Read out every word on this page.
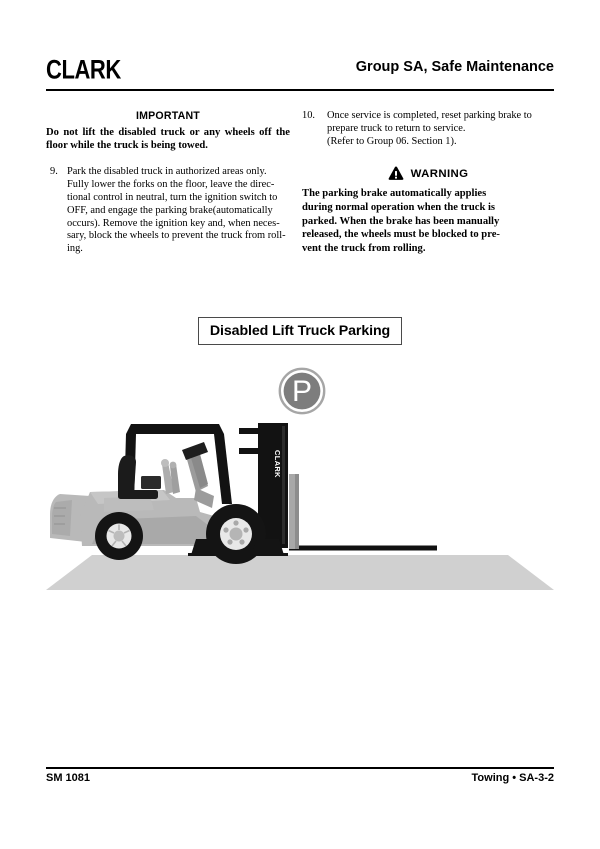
CLARK	Group SA, Safe Maintenance
IMPORTANT
Do not lift the disabled truck or any wheels off the floor while the truck is being towed.
9. Park the disabled truck in authorized areas only.
Fully lower the forks on the floor, leave the direc-
tional control in neutral, turn the ignition switch to
OFF, and engage the parking brake(automatically
occurs). Remove the ignition key and, when neces-
sary, block the wheels to prevent the truck from roll-
ing.
10.	Once service is completed, reset parking brake to
prepare truck to return to service.
(Refer to Group 06. Section 1).
WARNING
The parking brake automatically applies
during normal operation when the truck is
parked. When the brake has been manually
released, the wheels must be blocked to pre-
vent the truck from rolling.
Disabled Lift Truck Parking
P
CLARK
SM 1081	Towing • SA-3-2
